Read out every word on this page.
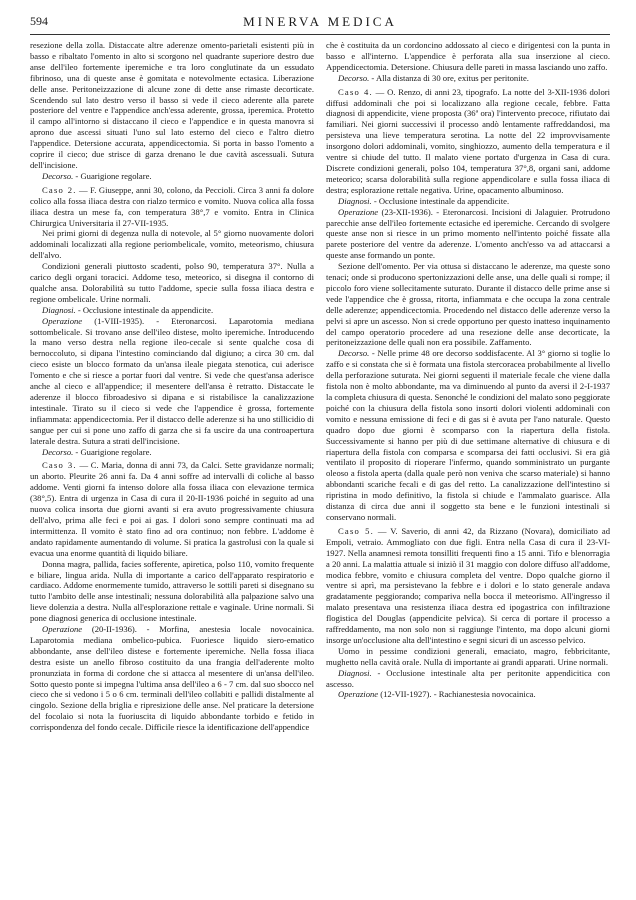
594	MINERVA MEDICA

resezione della zolla. Distaccate altre aderenze omento-parietali esistenti più in basso e ribaltato l'omento in alto si scorgono nel quadrante superiore destro due anse dell'ileo fortemente iperemiche e tra loro conglutinate da un essudato fibrinoso, una di queste anse è gomitata e notevolmente ectasica. Liberazione delle anse. Peritoneizzazione di alcune zone di dette anse rimaste decorticate. Scendendo sul lato destro verso il basso si vede il cieco aderente alla parete posteriore del ventre e l'appendice anch'essa aderente, grossa, iperemica. Protetto il campo all'intorno si distaccano il cieco e l'appendice e in questa manovra si aprono due ascessi situati l'uno sul lato esterno del cieco e l'altro dietro l'appendice. Detersione accurata, appendicectomia. Si porta in basso l'omento a coprire il cieco; due strisce di garza drenano le due cavità ascessuali. Sutura dell'incisione.

Decorso. - Guarigione regolare.

Caso 2. — F. Giuseppe, anni 30, colono, da Peccioli. Circa 3 anni fa dolore colico alla fossa iliaca destra con rialzo termico e vomito. Nuova colica alla fossa iliaca destra un mese fa, con temperatura 38°,7 e vomito. Entra in Clinica Chirurgica Universitaria il 27-VII-1935.

Nei primi giorni di degenza nulla di notevole, al 5° giorno nuovamente dolori addominali localizzati alla regione periombelicale, vomito, meteorismo, chiusura dell'alvo.

Condizioni generali piuttosto scadenti, polso 90, temperatura 37°. Nulla a carico degli organi toracici. Addome teso, meteorico, si disegna il contorno di qualche ansa. Dolorabilità su tutto l'addome, specie sulla fossa iliaca destra e regione ombelicale. Urine normali.

Diagnosi. - Occlusione intestinale da appendicite.

Operazione (1-VIII-1935). - Eteronarcosi. Laparotomia mediana sottombelicale. Si trovano anse dell'ileo distese, molto iperemiche. Introducendo la mano verso destra nella regione ileo-cecale si sente qualche cosa di bernoccoluto, si dipana l'intestino cominciando dal digiuno; a circa 30 cm. dal cieco esiste un blocco formato da un'ansa ileale piegata stenotica, cui aderisce l'omento e che si riesce a portar fuori dal ventre. Si vede che quest'ansa aderisce anche al cieco e all'appendice; il mesentere dell'ansa è retratto. Distaccate le aderenze il blocco fibroadesivo si dipana e si ristabilisce la canalizzazione intestinale. Tirato su il cieco si vede che l'appendice è grossa, fortemente infiammata: appendicectomia. Per il distacco delle aderenze si ha uno stillicidio di sangue per cui si pone uno zaffo di garza che si fa uscire da una controapertura laterale destra. Sutura a strati dell'incisione.

Decorso. - Guarigione regolare.

Caso 3. — C. Maria, donna di anni 73, da Calci. Sette gravidanze normali; un aborto. Pleurite 26 anni fa. Da 4 anni soffre ad intervalli di coliche al basso addome. Venti giorni fa intenso dolore alla fossa iliaca con elevazione termica (38°,5). Entra di urgenza in Casa di cura il 20-II-1936 poiché in seguito ad una nuova colica insorta due giorni avanti si era avuto progressivamente chiusura dell'alvo, prima alle feci e poi ai gas. I dolori sono sempre continuati ma ad intermittenza. Il vomito è stato fino ad ora continuo; non febbre. L'addome è andato rapidamente aumentando di volume. Si pratica la gastrolusi con la quale si evacua una enorme quantità di liquido biliare.

Donna magra, pallida, facies sofferente, apiretica, polso 110, vomito frequente e biliare, lingua arida. Nulla di importante a carico dell'apparato respiratorio e cardiaco. Addome enormemente tumido, attraverso le sottili pareti si disegnano su tutto l'ambito delle anse intestinali; nessuna dolorabilità alla palpazione salvo una lieve dolenzia a destra. Nulla all'esplorazione rettale e vaginale. Urine normali. Si pone diagnosi generica di occlusione intestinale.

Operazione (20-II-1936). - Morfina, anestesia locale novocainica. Laparotomia mediana ombelico-pubica. Fuoriesce liquido siero-ematico abbondante, anse dell'ileo distese e fortemente iperemiche. Nella fossa iliaca destra esiste un anello fibroso costituito da una frangia dell'aderente molto pronunziata in forma di cordone che si attacca al mesentere di un'ansa dell'ileo. Sotto questo ponte si impegna l'ultima ansa dell'ileo a 6 - 7 cm. dal suo sbocco nel cieco che si vedono i 5 o 6 cm. terminali dell'ileo collabiti e pallidi distalmente al cingolo. Sezione della briglia e ripresizione delle anse. Nel praticare la detersione del focolaio si nota la fuoriuscita di liquido abbondante torbido e fetido in corrispondenza del fondo cecale. Difficile riesce la identificazione dell'appendice

che è costituita da un cordoncino addossato al cieco e dirigentesi con la punta in basso e all'interno. L'appendice è perforata alla sua inserzione al cieco. Appendicectomia. Detersione. Chiusura delle pareti in massa lasciando uno zaffo.

Decorso. - Alla distanza di 30 ore, exitus per peritonite.

Caso 4. — O. Renzo, di anni 23, tipografo. La notte del 3-XII-1936 dolori diffusi addominali che poi si localizzano alla regione cecale, febbre. Fatta diagnosi di appendicite, viene proposta (36ª ora) l'intervento precoce, rifiutato dai familiari. Nei giorni successivi il processo andò lentamente raffreddandosi, ma persisteva una lieve temperatura serotina. La notte del 22 improvvisamente insorgono dolori addominali, vomito, singhiozzo, aumento della temperatura e il ventre si chiude del tutto. Il malato viene portato d'urgenza in Casa di cura. Discrete condizioni generali, polso 104, temperatura 37°,8, organi sani, addome meteorico; scarsa dolorabilità sulla regione appendicolare e sulla fossa iliaca di destra; esplorazione rettale negativa. Urine, opacamento albuminoso.

Diagnosi. - Occlusione intestinale da appendicite.

Operazione (23-XII-1936). - Eteronarcosi. Incisioni di Jalaguier. Protrudono parecchie anse dell'ileo fortemente ectasiche ed iperemiche. Cercando di svolgere queste anse non si riesce in un primo momento nell'intento poiché fissate alla parete posteriore del ventre da aderenze. L'omento anch'esso va ad attaccarsi a queste anse formando un ponte.

Sezione dell'omento. Per via ottusa si distaccano le aderenze, ma queste sono tenaci; onde si producono spertonizzazioni delle anse, una delle quali si rompe; il piccolo foro viene sollecitamente suturato. Durante il distacco delle prime anse si vede l'appendice che è grossa, ritorta, infiammata e che occupa la zona centrale delle aderenze; appendicectomia. Procedendo nel distacco delle aderenze verso la pelvi si apre un ascesso. Non si crede opportuno per questo inatteso inquinamento del campo operatorio procedere ad una resezione delle anse decorticate, la peritoneizzazione delle quali non era possibile. Zaffamento.

Decorso. - Nelle prime 48 ore decorso soddisfacente. Al 3° giorno si toglie lo zaffo e si constata che si è formata una fistola stercoracea probabilmente al livello della perforazione suturata. Nei giorni seguenti il materiale fecale che viene dalla fistola non è molto abbondante, ma va diminuendo al punto da aversi il 2-I-1937 la completa chiusura di questa. Senonché le condizioni del malato sono peggiorate poiché con la chiusura della fistola sono insorti dolori violenti addominali con vomito e nessuna emissione di feci e di gas si è avuta per l'ano naturale. Questo quadro dopo due giorni è scomparso con la riapertura della fistola. Successivamente si hanno per più di due settimane alternative di chiusura e di riapertura della fistola con comparsa e scomparsa dei fatti occlusivi. Si era già ventilato il proposito di rioperare l'infermo, quando somministrato un purgante oleoso a fistola aperta (dalla quale però non veniva che scarso materiale) si hanno abbondanti scariche fecali e di gas del retto. La canalizzazione dell'intestino si ripristina in modo definitivo, la fistola si chiude e l'ammalato guarisce. Alla distanza di circa due anni il soggetto sta bene e le funzioni intestinali si conservano normali.

Caso 5. — V. Saverio, di anni 42, da Rizzano (Novara), domiciliato ad Empoli, vetraio. Ammogliato con due figli. Entra nella Casa di cura il 23-VI-1927. Nella anamnesi remota tonsilliti frequenti fino a 15 anni. Tifo e blenorragia a 20 anni. La malattia attuale si iniziò il 31 maggio con dolore diffuso all'addome, modica febbre, vomito e chiusura completa del ventre. Dopo qualche giorno il ventre si aprì, ma persistevano la febbre e i dolori e lo stato generale andava gradatamente peggiorando; compariva nella bocca il meteorismo. All'ingresso il malato presentava una resistenza iliaca destra ed ipogastrica con infiltrazione flogistica del Douglas (appendicite pelvica). Si cerca di portare il processo a raffreddamento, ma non solo non si raggiunge l'intento, ma dopo alcuni giorni insorge un'occlusione alta dell'intestino e segni sicuri di un ascesso pelvico.

Uomo in pessime condizioni generali, emaciato, magro, febbricitante, mughetto nella cavità orale. Nulla di importante ai grandi apparati. Urine normali.

Diagnosi. - Occlusione intestinale alta per peritonite appendicitica con ascesso.

Operazione (12-VII-1927). - Rachianestesia novocainica.
